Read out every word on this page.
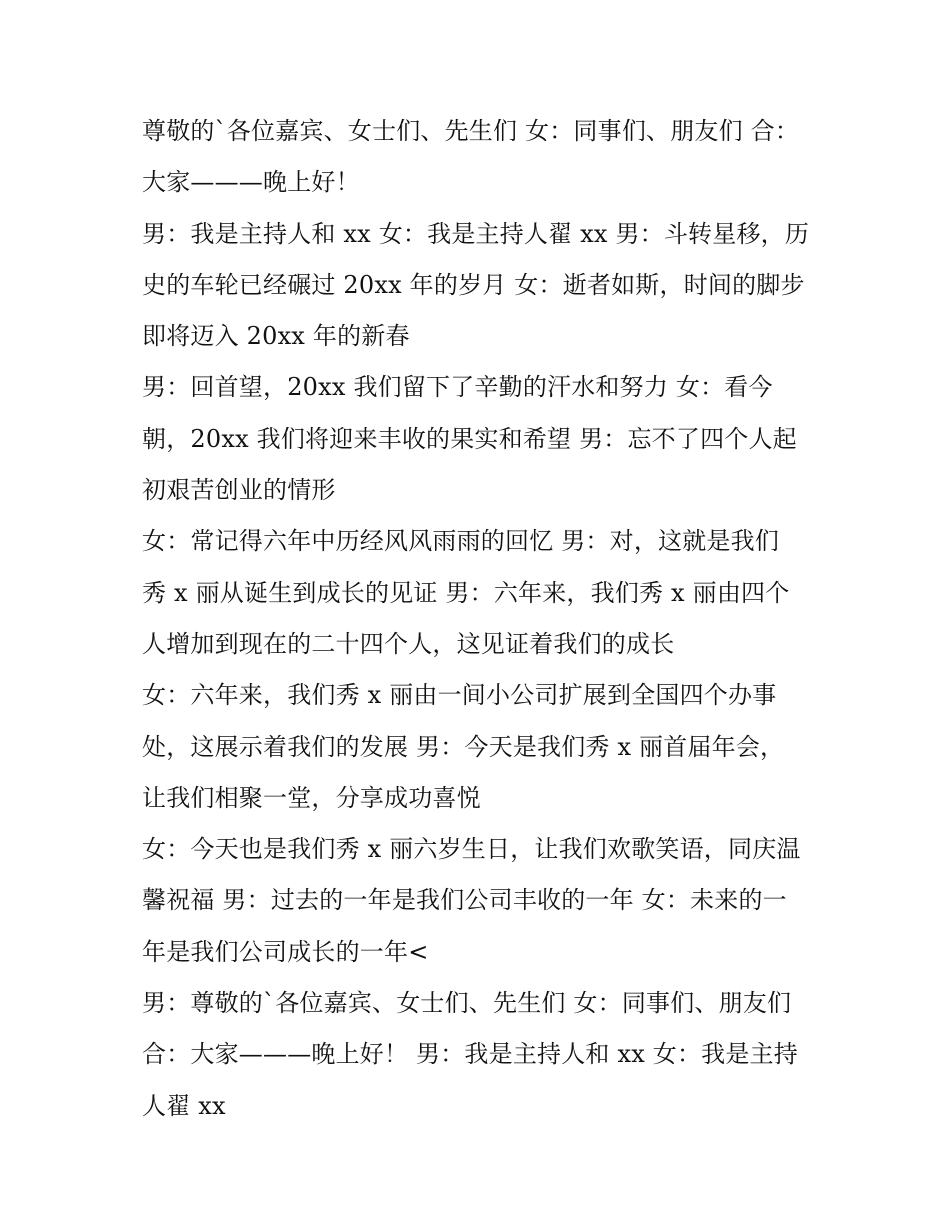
尊敬的`各位嘉宾、女士们、先生们 女：同事们、朋友们 合：
大家———晚上好！
男：我是主持人和 xx 女：我是主持人翟 xx 男：斗转星移，历
史的车轮已经碾过 20xx 年的岁月 女：逝者如斯，时间的脚步
即将迈入 20xx 年的新春
男：回首望，20xx 我们留下了辛勤的汗水和努力 女：看今
朝，20xx 我们将迎来丰收的果实和希望 男：忘不了四个人起
初艰苦创业的情形
女：常记得六年中历经风风雨雨的回忆 男：对，这就是我们
秀 x 丽从诞生到成长的见证 男：六年来，我们秀 x 丽由四个
人增加到现在的二十四个人，这见证着我们的成长
女：六年来，我们秀 x 丽由一间小公司扩展到全国四个办事
处，这展示着我们的发展 男：今天是我们秀 x 丽首届年会，
让我们相聚一堂，分享成功喜悦
女：今天也是我们秀 x 丽六岁生日，让我们欢歌笑语，同庆温
馨祝福 男：过去的一年是我们公司丰收的一年 女：未来的一
年是我们公司成长的一年<
男：尊敬的`各位嘉宾、女士们、先生们 女：同事们、朋友们
合：大家———晚上好！ 男：我是主持人和 xx 女：我是主持
人翟 xx
